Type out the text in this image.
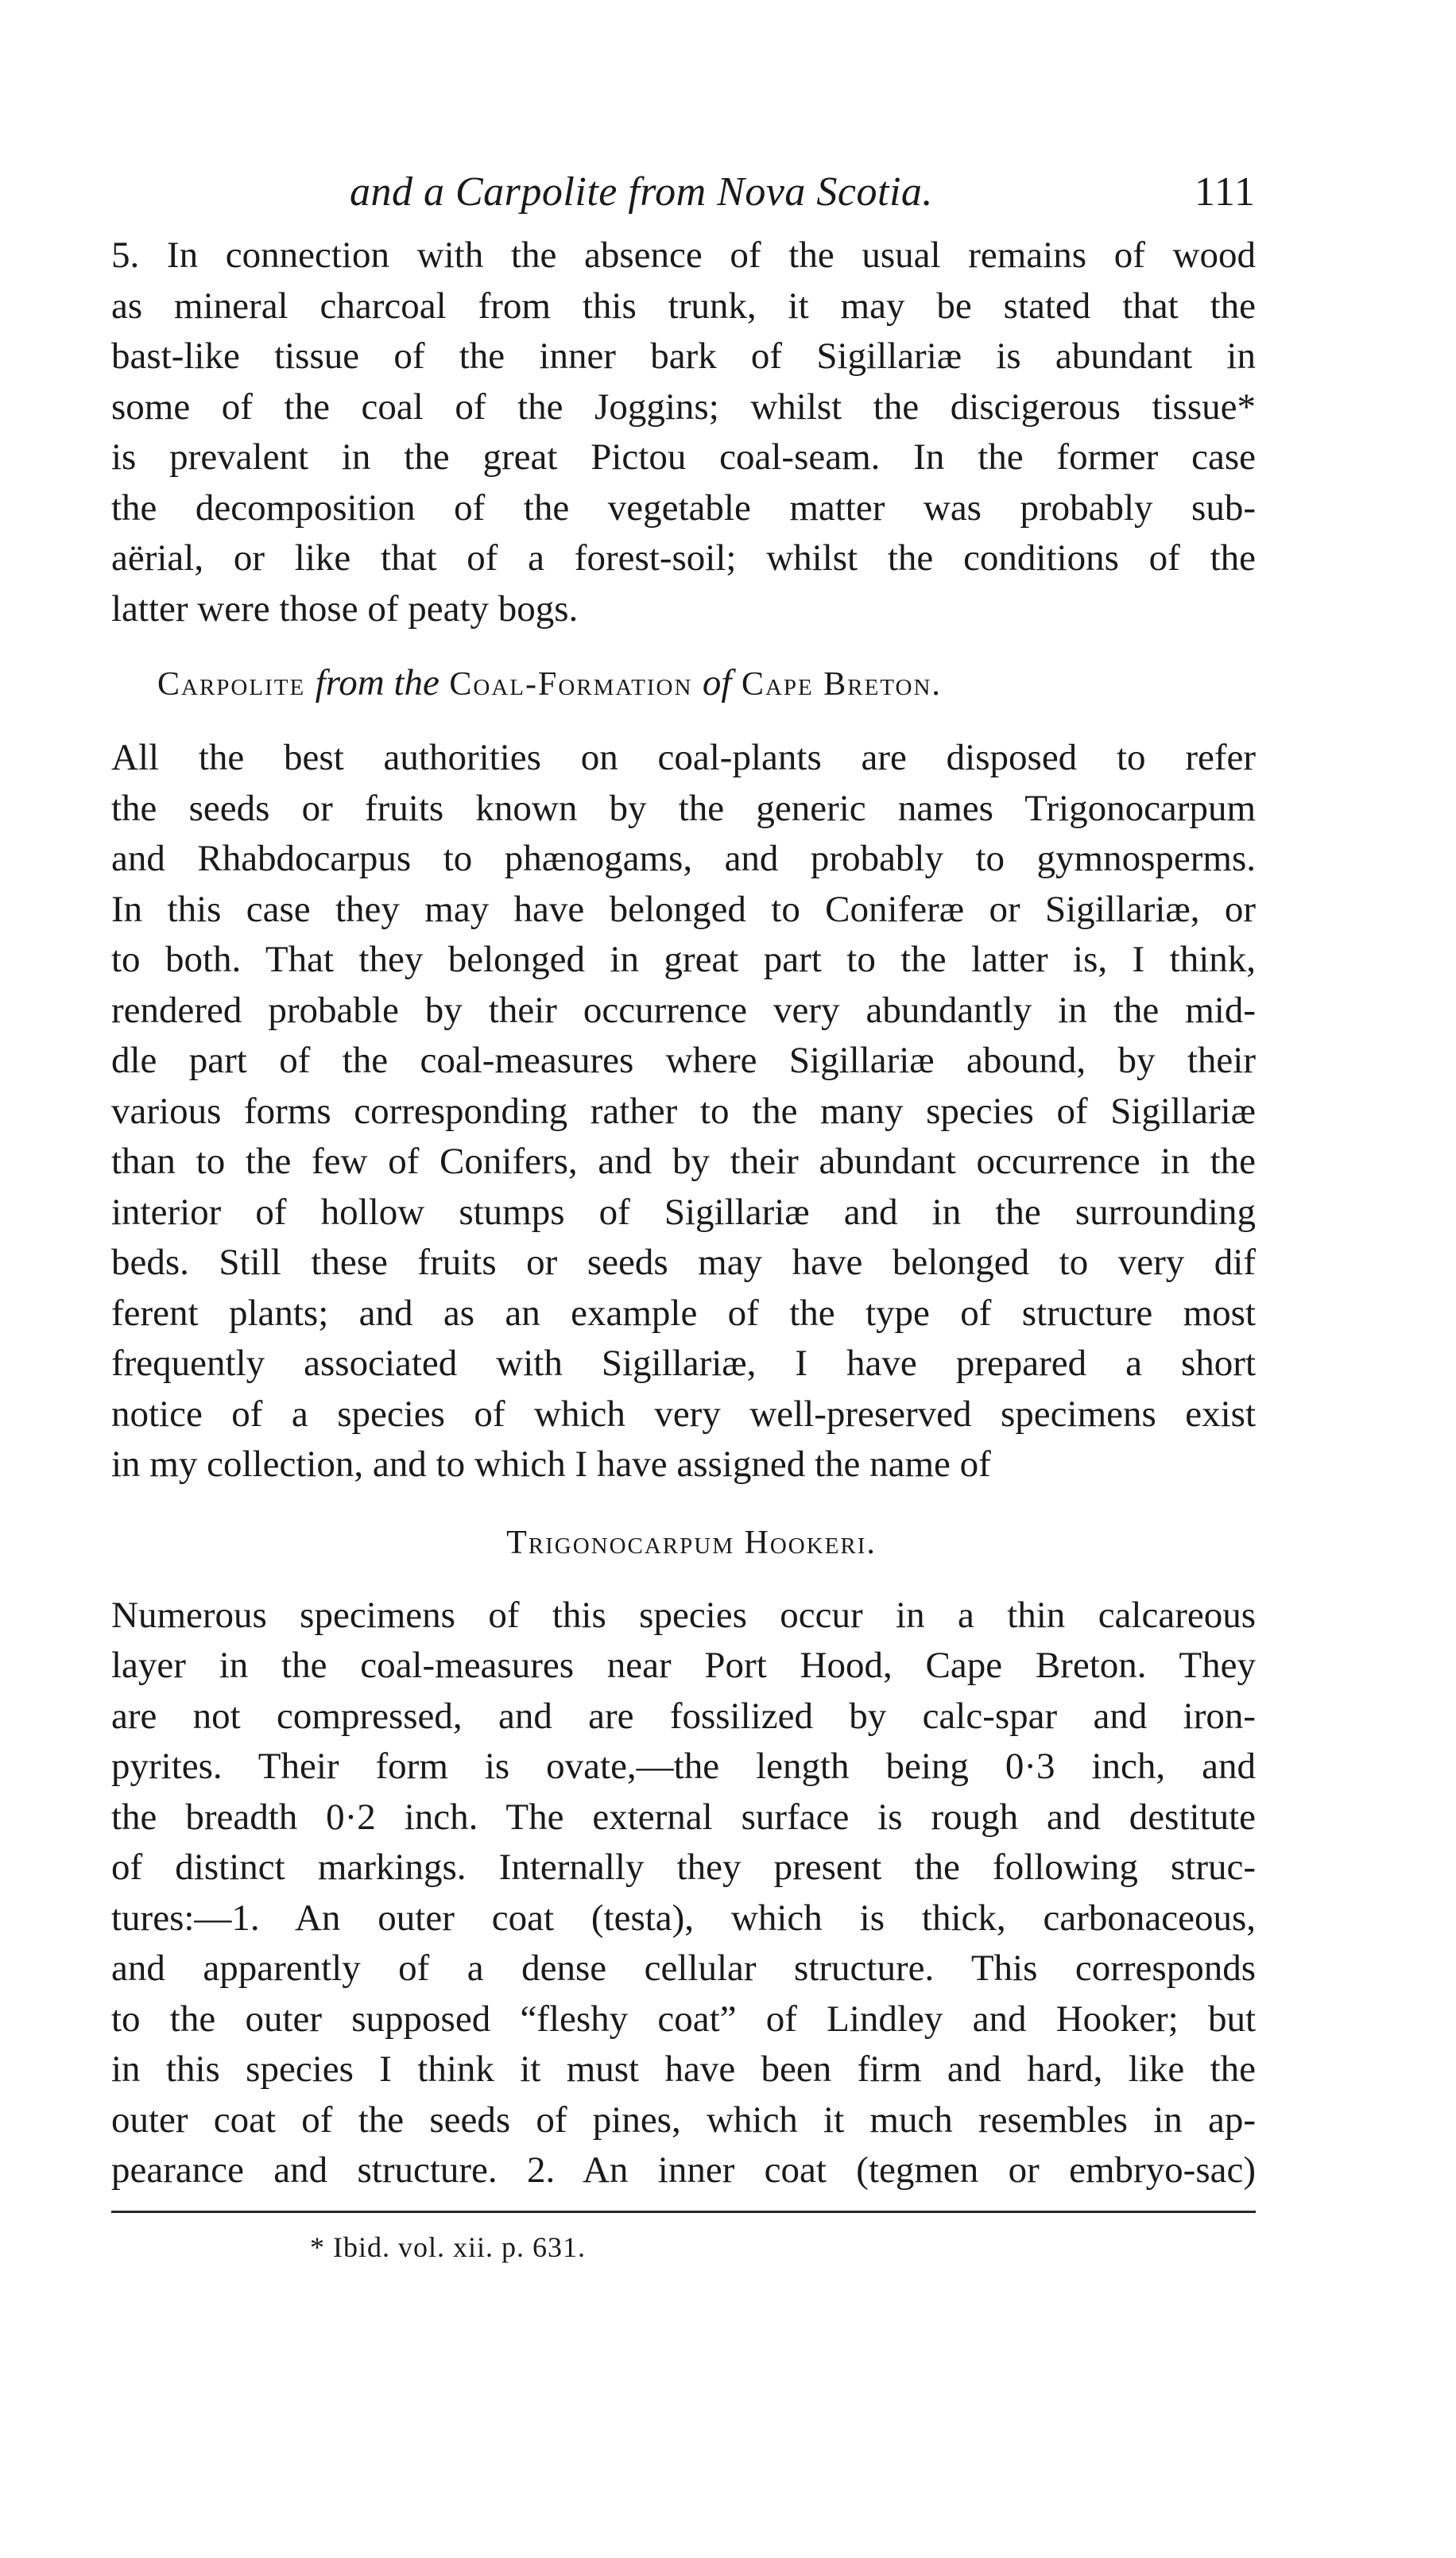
and a Carpolite from Nova Scotia.	111

5. In connection with the absence of the usual remains of wood
as mineral charcoal from this trunk, it may be stated that the
bast-like tissue of the inner bark of Sigillariæ is abundant in
some of the coal of the Joggins; whilst the discigerous tissue*
is prevalent in the great Pictou coal-seam. In the former case
the decomposition of the vegetable matter was probably sub-
aërial, or like that of a forest-soil; whilst the conditions of the
latter were those of peaty bogs.

Carpolite from the Coal-Formation of Cape Breton.

All the best authorities on coal-plants are disposed to refer
the seeds or fruits known by the generic names Trigonocarpum
and Rhabdocarpus to phænogams, and probably to gymnosperms.
In this case they may have belonged to Coniferæ or Sigillariæ, or
to both. That they belonged in great part to the latter is, I think,
rendered probable by their occurrence very abundantly in the mid-
dle part of the coal-measures where Sigillariæ abound, by their
various forms corresponding rather to the many species of Sigillariæ
than to the few of Conifers, and by their abundant occurrence in the
interior of hollow stumps of Sigillariæ and in the surrounding
beds. Still these fruits or seeds may have belonged to very dif
ferent plants; and as an example of the type of structure most
frequently associated with Sigillariæ, I have prepared a short
notice of a species of which very well-preserved specimens exist
in my collection, and to which I have assigned the name of

Trigonocarpum Hookeri.

Numerous specimens of this species occur in a thin calcareous
layer in the coal-measures near Port Hood, Cape Breton. They
are not compressed, and are fossilized by calc-spar and iron-
pyrites. Their form is ovate,—the length being 0·3 inch, and
the breadth 0·2 inch. The external surface is rough and destitute
of distinct markings. Internally they present the following struc-
tures:—1. An outer coat (testa), which is thick, carbonaceous,
and apparently of a dense cellular structure. This corresponds
to the outer supposed “fleshy coat” of Lindley and Hooker; but
in this species I think it must have been firm and hard, like the
outer coat of the seeds of pines, which it much resembles in ap-
pearance and structure. 2. An inner coat (tegmen or embryo-sac)

* Ibid. vol. xii. p. 631.
